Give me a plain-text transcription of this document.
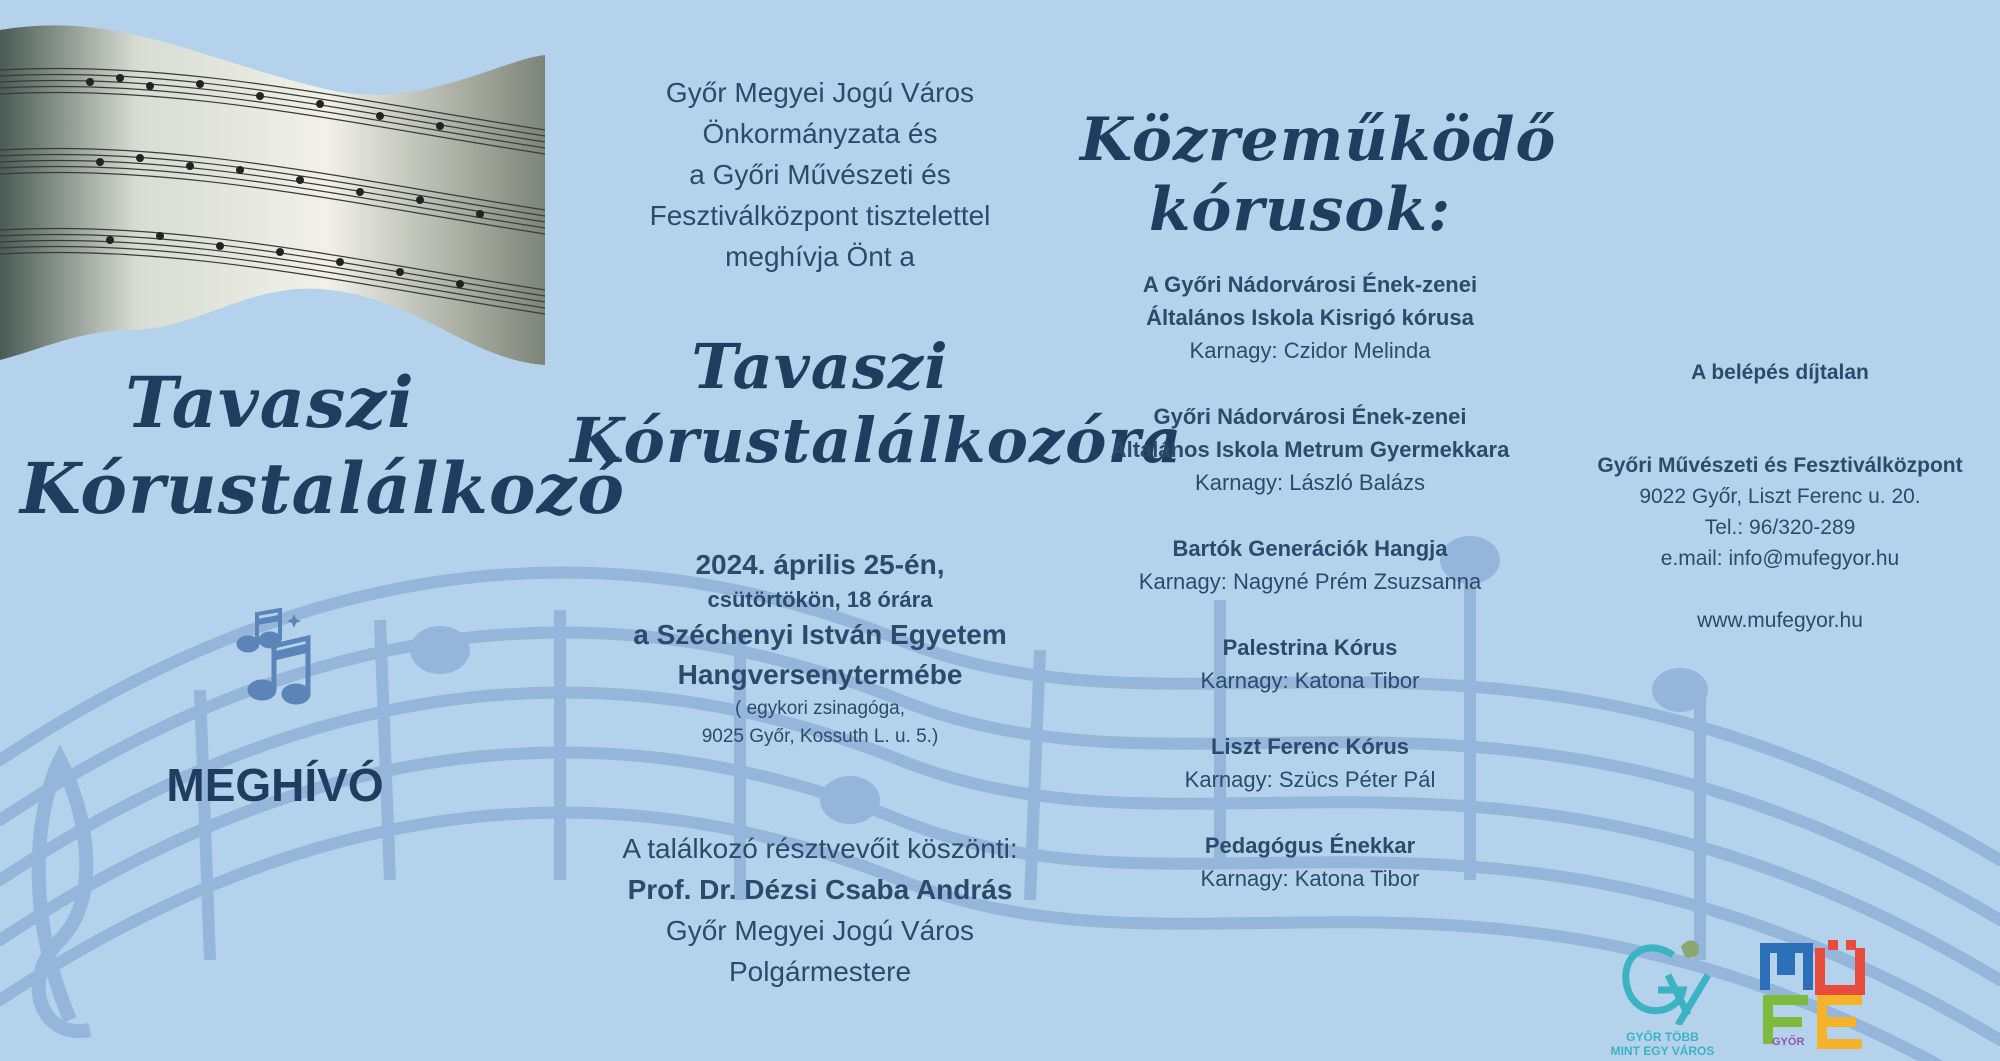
Tavaszi
Kórustalálkozó
MEGHÍVÓ
Győr Megyei Jogú Város
Önkormányzata és
a Győri Művészeti és
Fesztiválközpont tisztelettel
meghívja Önt a
Tavaszi
Kórustalálkozóra
2024. április 25-én,
csütörtökön, 18 órára
a Széchenyi István Egyetem
Hangversenytermébe
( egykori zsinagóga,
9025 Győr, Kossuth L. u. 5.)
A találkozó résztvevőit köszönti:
Prof. Dr. Dézsi Csaba András
Győr Megyei Jogú Város
Polgármestere
Közreműködő
kórusok:
A Győri Nádorvárosi Ének-zenei
Általános Iskola Kisrigó kórusa
Karnagy: Czidor Melinda
Győri Nádorvárosi Ének-zenei
Általános Iskola Metrum Gyermekkara
Karnagy: László Balázs
Bartók Generációk Hangja
Karnagy: Nagyné Prém Zsuzsanna
Palestrina Kórus
Karnagy: Katona Tibor
Liszt Ferenc Kórus
Karnagy: Szücs Péter Pál
Pedagógus Énekkar
Karnagy: Katona Tibor
A belépés díjtalan
Győri Művészeti és Fesztiválközpont
9022 Győr, Liszt Ferenc u. 20.
Tel.: 96/320-289
e.mail: info@mufegyor.hu
www.mufegyor.hu
GYŐR TÖBB
MINT EGY VÁROS
GYŐR
